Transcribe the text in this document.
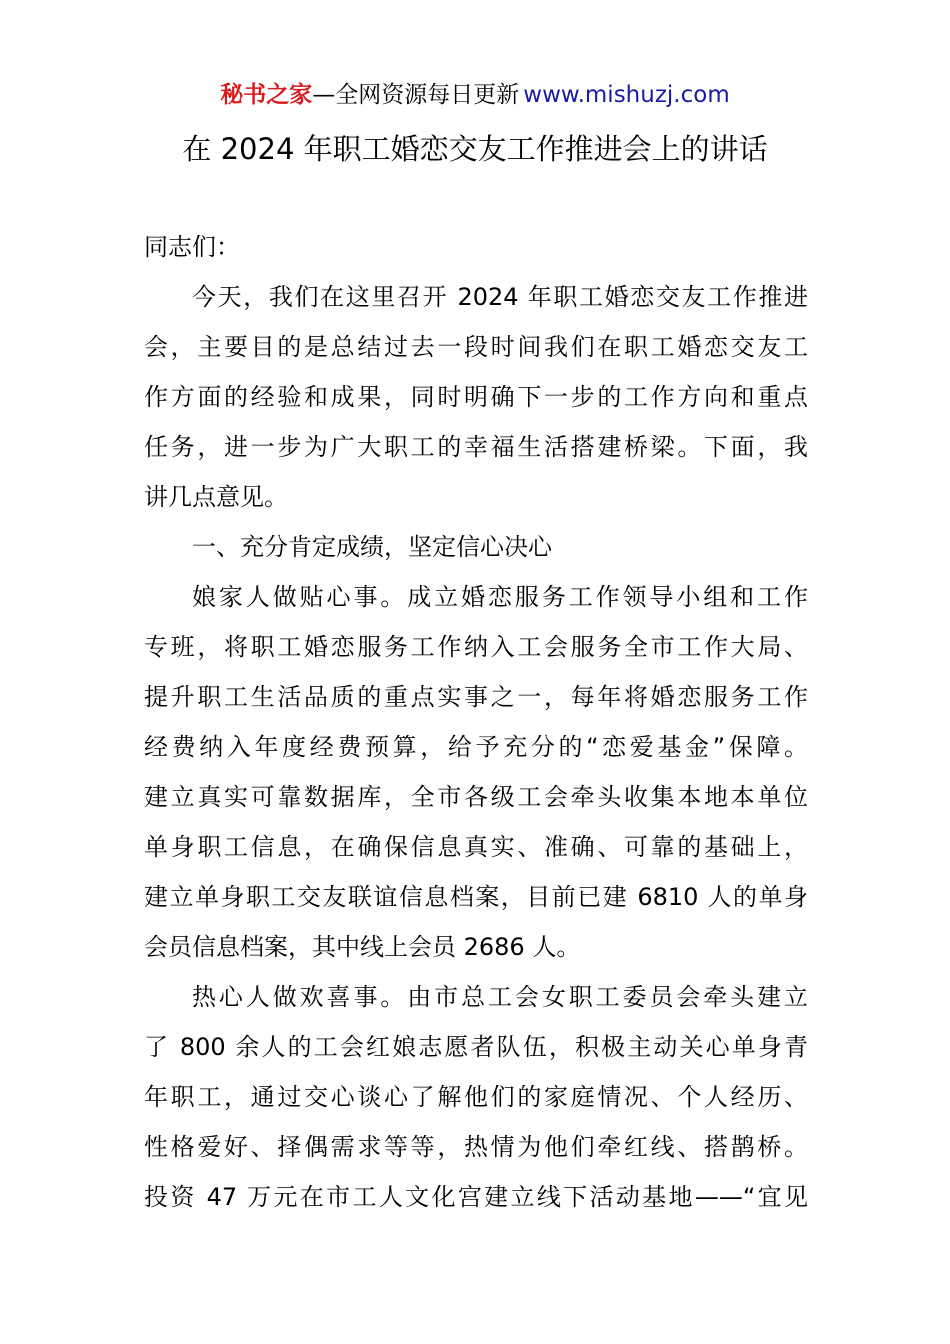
秘书之家—全网资源每日更新 www.mishuzj.com
在 2024 年职工婚恋交友工作推进会上的讲话
同志们：
今天，我们在这里召开 2024 年职工婚恋交友工作推进
会，主要目的是总结过去一段时间我们在职工婚恋交友工
作方面的经验和成果，同时明确下一步的工作方向和重点
任务，进一步为广大职工的幸福生活搭建桥梁。下面，我
讲几点意见。
一、充分肯定成绩，坚定信心决心
娘家人做贴心事。成立婚恋服务工作领导小组和工作
专班，将职工婚恋服务工作纳入工会服务全市工作大局、
提升职工生活品质的重点实事之一，每年将婚恋服务工作
经费纳入年度经费预算，给予充分的“恋爱基金”保障。
建立真实可靠数据库，全市各级工会牵头收集本地本单位
单身职工信息，在确保信息真实、准确、可靠的基础上，
建立单身职工交友联谊信息档案，目前已建 6810 人的单身
会员信息档案，其中线上会员 2686 人。
热心人做欢喜事。由市总工会女职工委员会牵头建立
了 800 余人的工会红娘志愿者队伍，积极主动关心单身青
年职工，通过交心谈心了解他们的家庭情况、个人经历、
性格爱好、择偶需求等等，热情为他们牵红线、搭鹊桥。
投资 47 万元在市工人文化宫建立线下活动基地——“宜见
